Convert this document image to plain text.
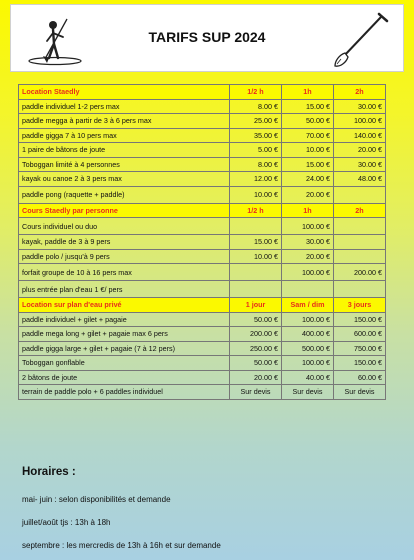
TARIFS SUP 2024
Location Staedly	1/2 h	1h	2h
paddle individuel 1-2 pers max	8.00 €	15.00 €	30.00 €
paddle megga à partir de 3 à 6 pers max	25.00 €	50.00 €	100.00 €
paddle gigga 7 à 10 pers max	35.00 €	70.00 €	140.00 €
1 paire de bâtons de joute	5.00 €	10.00 €	20.00 €
Toboggan limité à 4 personnes	8.00 €	15.00 €	30.00 €
kayak ou canoe 2 à 3 pers max	12.00 €	24.00 €	48.00 €
paddle pong (raquette + paddle)	10.00 €	20.00 €	
Cours Staedly par personne	1/2 h	1h	2h
Cours individuel ou duo		100.00 €	
kayak, paddle de 3 à 9 pers	15.00 €	30.00 €	
paddle polo / jusqu'à 9 pers	10.00 €	20.00 €	
forfait groupe de 10 à 16 pers max		100.00 €	200.00 €
plus entrée plan d'eau 1 €/ pers			
Location sur plan d'eau privé	1 jour	Sam / dim	3 jours
paddle individuel + gilet + pagaie	50.00 €	100.00 €	150.00 €
paddle mega long + gilet + pagaie max 6 pers	200.00 €	400.00 €	600.00 €
paddle gigga large + gilet + pagaie (7 à 12 pers)	250.00 €	500.00 €	750.00 €
Toboggan gonflable	50.00 €	100.00 €	150.00 €
2 bâtons de joute	20.00 €	40.00 €	60.00 €
terrain de paddle polo + 6 paddles individuel	Sur devis	Sur devis	Sur devis
Horaires :
mai- juin : selon disponibilités et demande
juillet/août tjs : 13h à 18h
septembre : les mercredis de 13h à 16h et sur demande
